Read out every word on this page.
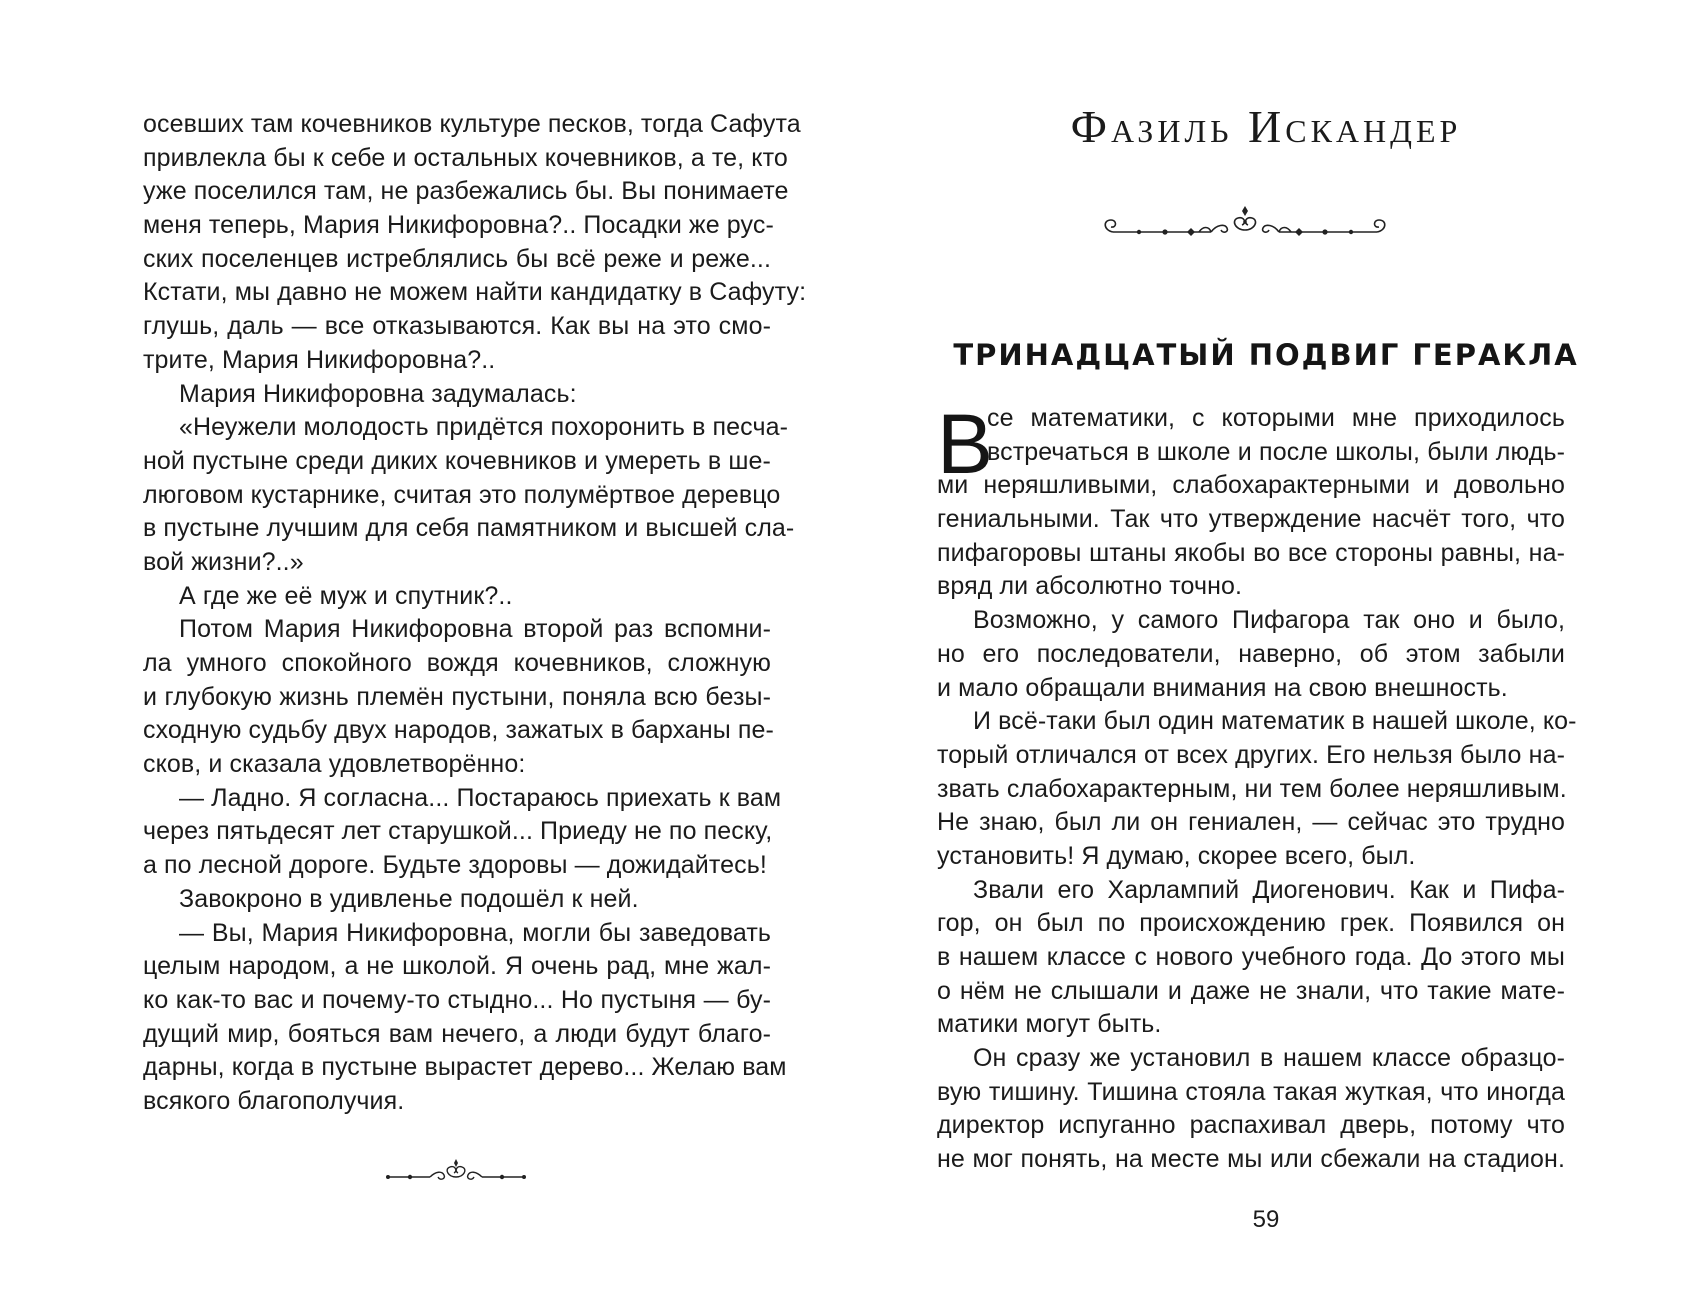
осевших там кочевников культуре песков, тогда Сафута
привлекла бы к себе и остальных кочевников, а те, кто
уже поселился там, не разбежались бы. Вы понимаете
меня теперь, Мария Никифоровна?.. Посадки же рус-
ских поселенцев истреблялись бы всё реже и реже...
Кстати, мы давно не можем найти кандидатку в Сафуту:
глушь, даль — все отказываются. Как вы на это смо-
трите, Мария Никифоровна?..
Мария Никифоровна задумалась:
«Неужели молодость придётся похоронить в песча-
ной пустыне среди диких кочевников и умереть в ше-
люговом кустарнике, считая это полумёртвое деревцо
в пустыне лучшим для себя памятником и высшей сла-
вой жизни?..»
А где же её муж и спутник?..
Потом Мария Никифоровна второй раз вспомни-
ла умного спокойного вождя кочевников, сложную
и глубокую жизнь племён пустыни, поняла всю безы-
сходную судьбу двух народов, зажатых в барханы пе-
сков, и сказала удовлетворённо:
— Ладно. Я согласна... Постараюсь приехать к вам
через пятьдесят лет старушкой... Приеду не по песку,
а по лесной дороге. Будьте здоровы — дожидайтесь!
Завокроно в удивленье подошёл к ней.
— Вы, Мария Никифоровна, могли бы заведовать
целым народом, а не школой. Я очень рад, мне жал-
ко как-то вас и почему-то стыдно... Но пустыня — бу-
дущий мир, бояться вам нечего, а люди будут благо-
дарны, когда в пустыне вырастет дерево... Желаю вам
всякого благополучия.
Фазиль Искандер
ТРИНАДЦАТЫЙ ПОДВИГ ГЕРАКЛА
В
се математики, с которыми мне приходилось
встречаться в школе и после школы, были людь-
ми неряшливыми, слабохарактерными и довольно
гениальными. Так что утверждение насчёт того, что
пифагоровы штаны якобы во все стороны равны, на-
вряд ли абсолютно точно.
Возможно, у самого Пифагора так оно и было,
но его последователи, наверно, об этом забыли
и мало обращали внимания на свою внешность.
И всё-таки был один математик в нашей школе, ко-
торый отличался от всех других. Его нельзя было на-
звать слабохарактерным, ни тем более неряшливым.
Не знаю, был ли он гениален, — сейчас это трудно
установить! Я думаю, скорее всего, был.
Звали его Харлампий Диогенович. Как и Пифа-
гор, он был по происхождению грек. Появился он
в нашем классе с нового учебного года. До этого мы
о нём не слышали и даже не знали, что такие мате-
матики могут быть.
Он сразу же установил в нашем классе образцо-
вую тишину. Тишина стояла такая жуткая, что иногда
директор испуганно распахивал дверь, потому что
не мог понять, на месте мы или сбежали на стадион.
59
